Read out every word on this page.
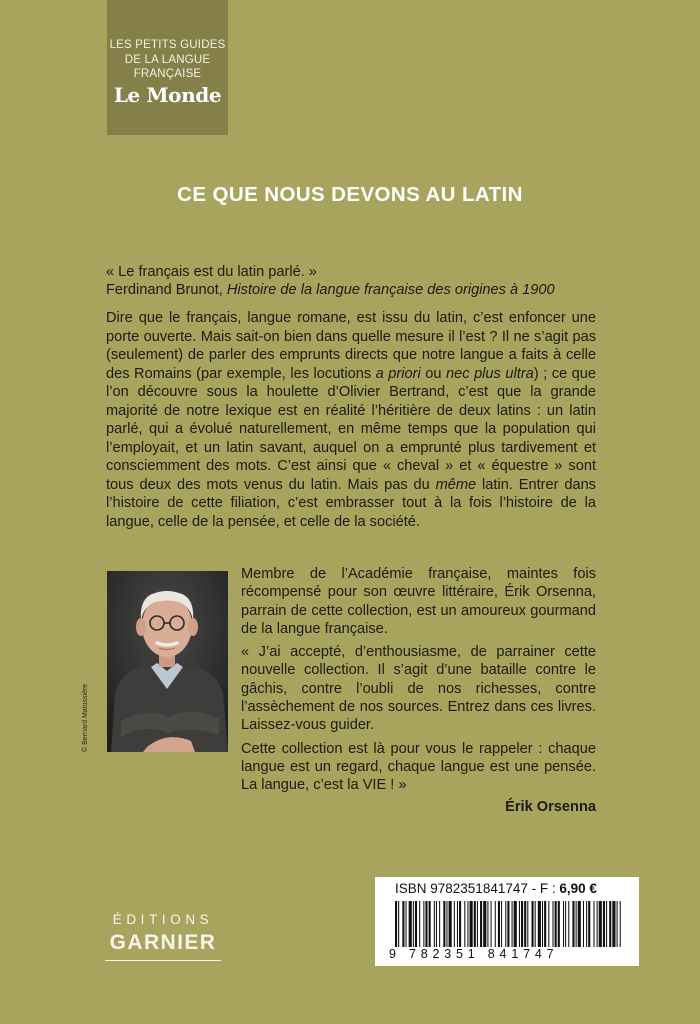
LES PETITS GUIDES
DE LA LANGUE
FRANÇAISE
Le Monde
CE QUE NOUS DEVONS AU LATIN
« Le français est du latin parlé. »
Ferdinand Brunot, Histoire de la langue française des origines à 1900

Dire que le français, langue romane, est issu du latin, c’est enfoncer une porte ouverte. Mais sait-on bien dans quelle mesure il l’est ? Il ne s’agit pas (seulement) de parler des emprunts directs que notre langue a faits à celle des Romains (par exemple, les locutions a priori ou nec plus ultra) ; ce que l’on découvre sous la houlette d’Olivier Bertrand, c’est que la grande majorité de notre lexique est en réalité l’héritière de deux latins : un latin parlé, qui a évolué naturellement, en même temps que la population qui l’employait, et un latin savant, auquel on a emprunté plus tardivement et consciemment des mots. C’est ainsi que « cheval » et « équestre » sont tous deux des mots venus du latin. Mais pas du même latin. Entrer dans l’histoire de cette filiation, c’est embrasser tout à la fois l’histoire de la langue, celle de la pensée, et celle de la société.

© Bernard Matussière

Membre de l’Académie française, maintes fois récompensé pour son œuvre littéraire, Érik Orsenna, parrain de cette collection, est un amoureux gourmand de la langue française.

« J’ai accepté, d’enthousiasme, de parrainer cette nouvelle collection. Il s’agit d’une bataille contre le gâchis, contre l’oubli de nos richesses, contre l’assèchement de nos sources. Entrez dans ces livres. Laissez-vous guider.

Cette collection est là pour vous le rappeler : chaque langue est un regard, chaque langue est une pensée. La langue, c’est la VIE ! »

Érik Orsenna
ISBN 9782351841747 - F : 6,90 €
9 782351 841747
ÉDITIONS
GARNIER
